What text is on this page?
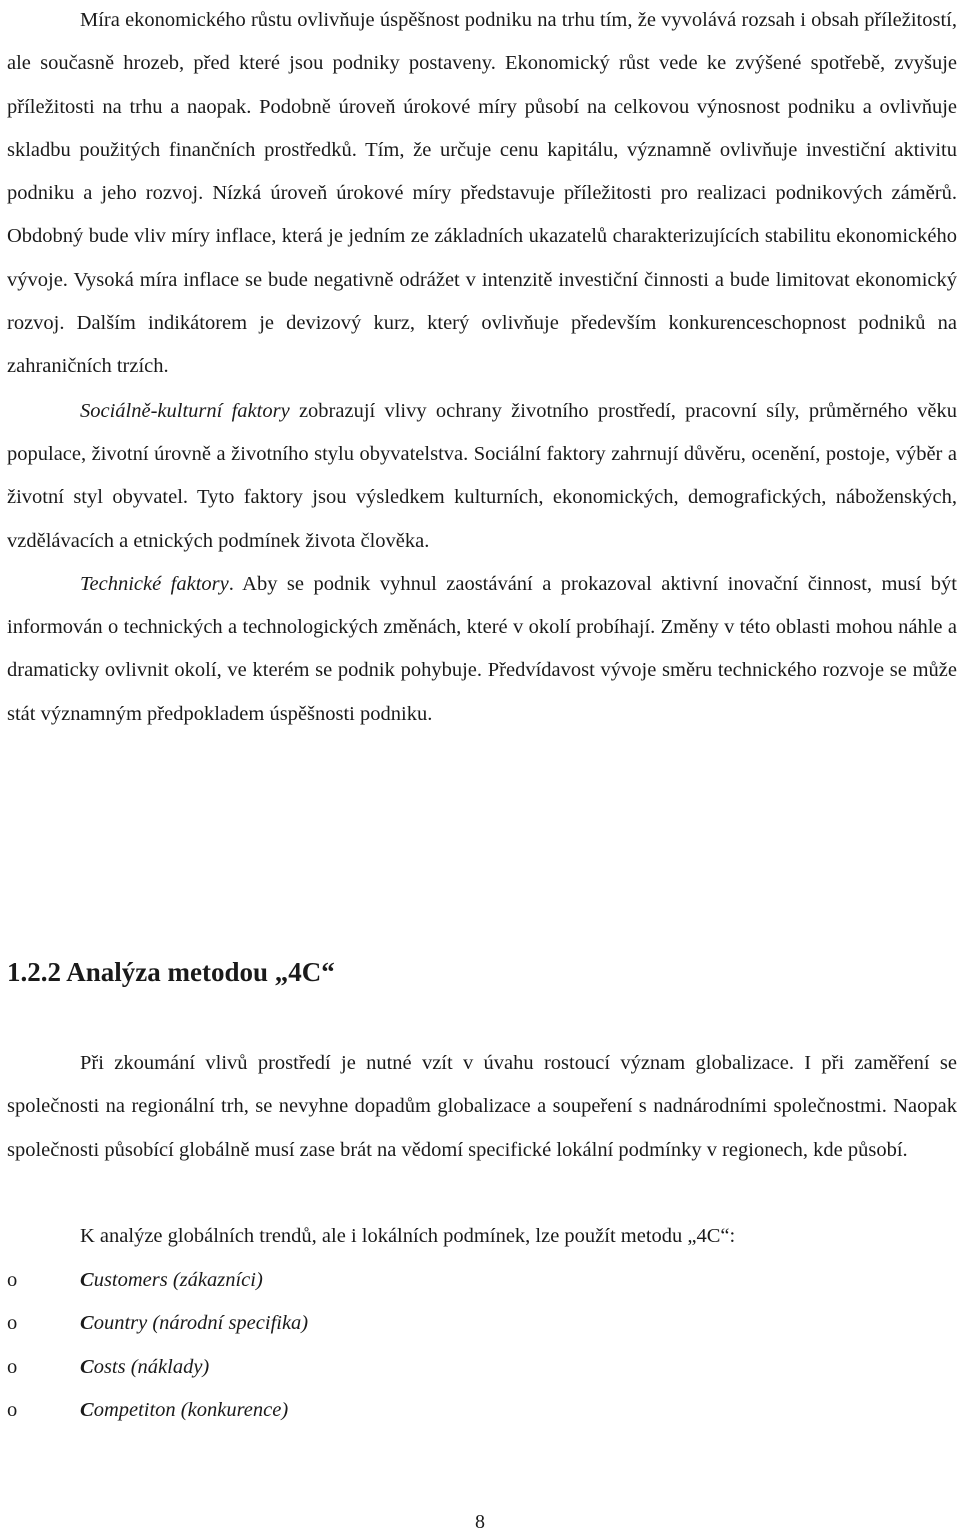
Míra ekonomického růstu ovlivňuje úspěšnost podniku na trhu tím, že vyvolává rozsah i obsah příležitostí, ale současně hrozeb, před které jsou podniky postaveny. Ekonomický růst vede ke zvýšené spotřebě, zvyšuje příležitosti na trhu a naopak. Podobně úroveň úrokové míry působí na celkovou výnosnost podniku a ovlivňuje skladbu použitých finančních prostředků. Tím, že určuje cenu kapitálu, významně ovlivňuje investiční aktivitu podniku a jeho rozvoj. Nízká úroveň úrokové míry představuje příležitosti pro realizaci podnikových záměrů. Obdobný bude vliv míry inflace, která je jedním ze základních ukazatelů charakterizujících stabilitu ekonomického vývoje. Vysoká míra inflace se bude negativně odrážet v intenzitě investiční činnosti a bude limitovat ekonomický rozvoj. Dalším indikátorem je devizový kurz, který ovlivňuje především konkurenceschopnost podniků na zahraničních trzích.

Sociálně-kulturní faktory zobrazují vlivy ochrany životního prostředí, pracovní síly, průměrného věku populace, životní úrovně a životního stylu obyvatelstva. Sociální faktory zahrnují důvěru, ocenění, postoje, výběr a životní styl obyvatel. Tyto faktory jsou výsledkem kulturních, ekonomických, demografických, náboženských, vzdělávacích a etnických podmínek života člověka.

Technické faktory. Aby se podnik vyhnul zaostávání a prokazoval aktivní inovační činnost, musí být informován o technických a technologických změnách, které v okolí probíhají. Změny v této oblasti mohou náhle a dramaticky ovlivnit okolí, ve kterém se podnik pohybuje. Předvídavost vývoje směru technického rozvoje se může stát významným předpokladem úspěšnosti podniku.

1.2.2 Analýza metodou „4C“

Při zkoumání vlivů prostředí je nutné vzít v úvahu rostoucí význam globalizace. I při zaměření se společnosti na regionální trh, se nevyhne dopadům globalizace a soupeření s nadnárodními společnostmi. Naopak společnosti působící globálně musí zase brát na vědomí specifické lokální podmínky v regionech, kde působí.

K analýze globálních trendů, ale i lokálních podmínek, lze použít metodu „4C“:

o	Customers (zákazníci)
o	Country (národní specifika)
o	Costs (náklady)
o	Competiton (konkurence)
8
